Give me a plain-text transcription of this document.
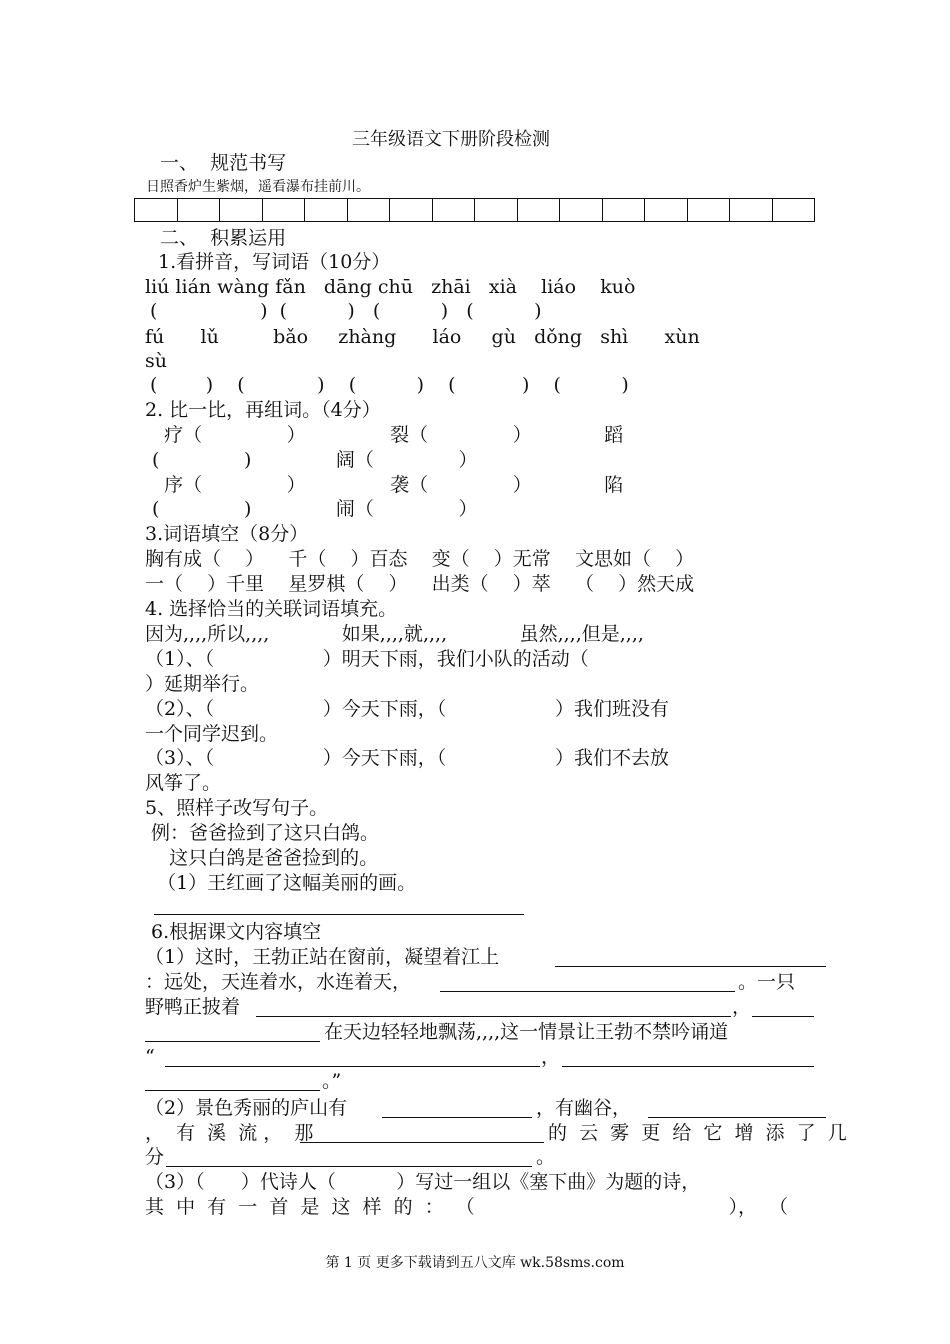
三年级语文下册阶段检测
一、  规范书写
日照香炉生紫烟，遥看瀑布挂前川。
二、  积累运用
1.看拼音，写词语（10分）
liú lián wàng fǎn   dāng chū   zhāi   xià    liáo    kuò
(                 )  (          )   (          )   (          )
fú      lǔ         bǎo     zhàng      láo     gù   dǒng   shì      xùn
sù
(        )    (            )    (          )    (           )    (          )
2. 比一比，再组词。（4分）
疗（              ）              裂（              ）            蹈
(              )              阔（              ）
序（              ）              袭（              ）            陷
(              )              闹（              ）
3.词语填空（8分）
胸有成（    ）    千（    ）百态    变（    ）无常    文思如（    ）
一（    ）千里    星罗棋（    ）    出类（    ）萃    （    ）然天成
4. 选择恰当的关联词语填充。
因为,,,,所以,,,,            如果,,,,就,,,,            虽然,,,,但是,,,,
（1）、（                  ）明天下雨，我们小队的活动（
）延期举行。
（2）、（                  ）今天下雨，（                  ）我们班没有
一个同学迟到。
（3）、（                  ）今天下雨，（                  ）我们不去放
风筝了。
5、照样子改写句子。
例：爸爸捡到了这只白鸽。
这只白鸽是爸爸捡到的。
（1）王红画了这幅美丽的画。
6.根据课文内容填空
（1）这时，王勃正站在窗前，凝望着江上
：远处，天连着水，水连着天，	。一只
野鸭正披着	，
在天边轻轻地飘荡,,,,这一情景让王勃不禁吟诵道
“	，
。”
（2）景色秀丽的庐山有	，有幽谷，
，  有  溪  流 ，  那	的  云  雾  更  给  它  增  添  了  几
分	。
（3）（      ）代诗人（          ）写过一组以《塞下曲》为题的诗，
其  中  有  一  首  是  这  样  的  ：  （                                          ），  （
第 1 页 更多下载请到五八文库 wk.58sms.com
